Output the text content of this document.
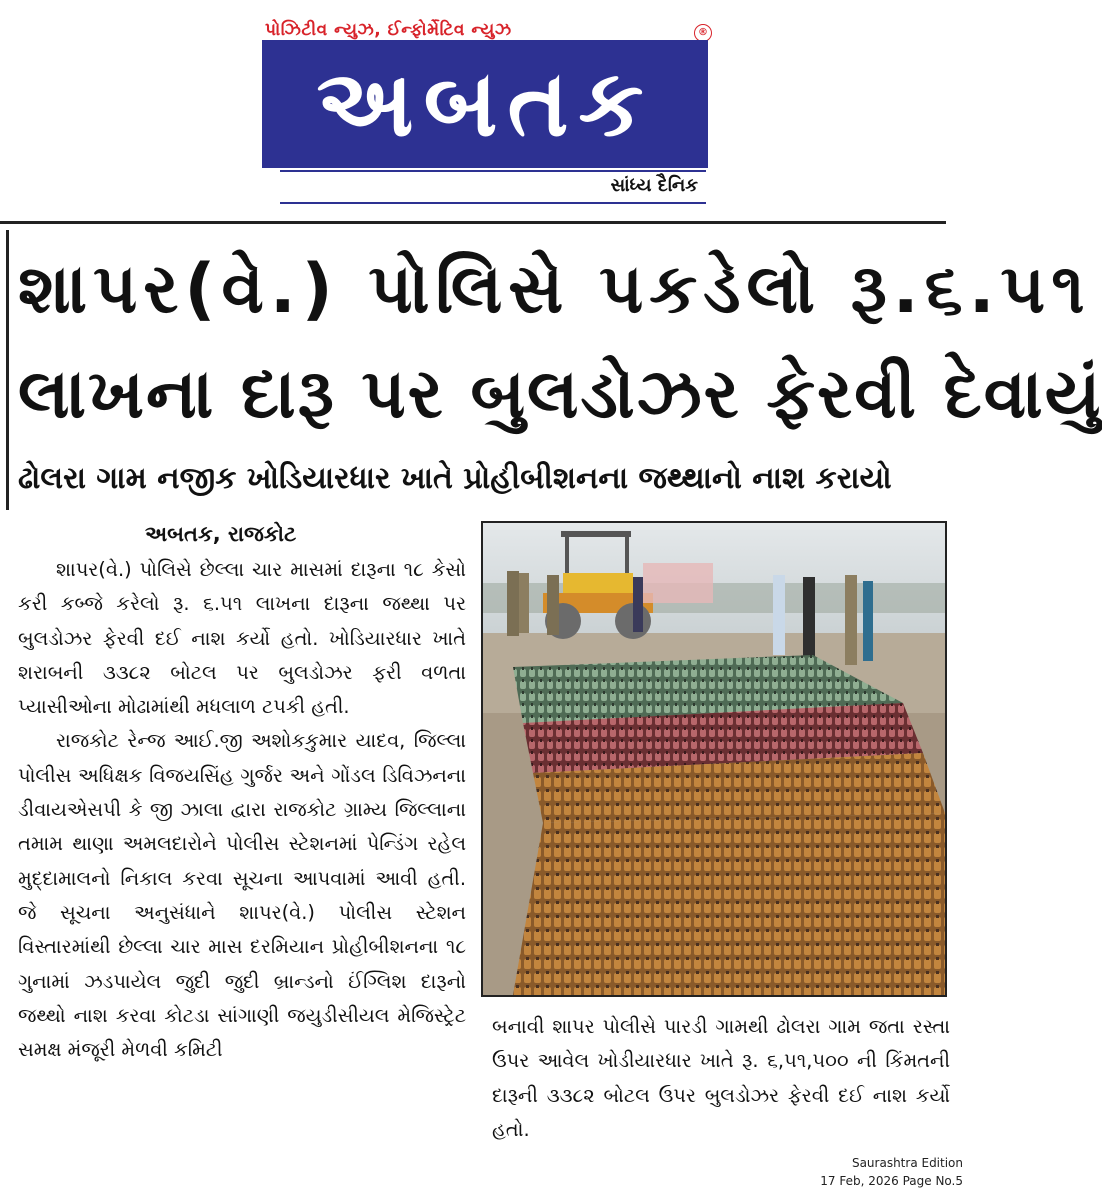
પોઝિટીવ ન્યુઝ, ઈન્ફોર્મેટિવ ન્યુઝ	®
અબતક
સાંધ્ય દૈનિક
શાપર(વે.) પોલિસે પકડેલો રૂ.૬.૫૧
લાખના દારૂ પર બુલડોઝર ફેરવી દેવાયું
ઢોલરા ગામ નજીક ખોડિયારધાર ખાતે પ્રોહીબીશનના જથ્થાનો નાશ કરાયો
અબતક, રાજકોટ

શાપર(વે.) પોલિસે છેલ્લા ચાર માસમાં દારૂના ૧૮ કેસો કરી કબ્જે કરેલો રૂ. ૬.૫૧ લાખના દારૂના જથ્થા પર બુલડોઝર ફેરવી દઈ નાશ કર્યો હતો. ખોડિયારધાર ખાતે શરાબની ૩૩૮૨ બોટલ પર બુલડોઝર ફરી વળતા પ્યાસીઓના મોઢામાંથી મધલાળ ટપકી હતી.

રાજકોટ રેન્જ આઈ.જી અશોકકુમાર યાદવ, જિલ્લા પોલીસ અધિક્ષક વિજયસિંહ ગુર્જર અને ગોંડલ ડિવિઝનના ડીવાયએસપી કે જી ઝાલા દ્વારા રાજકોટ ગ્રામ્ય જિલ્લાના તમામ થાણા અમલદારોને પોલીસ સ્ટેશનમાં પેન્ડિંગ રહેલ મુદ્દામાલનો નિકાલ કરવા સૂચના આપવામાં આવી હતી. જે સૂચના અનુસંધાને શાપર(વે.) પોલીસ સ્ટેશન વિસ્તારમાંથી છેલ્લા ચાર માસ દરમિયાન પ્રોહીબીશનના ૧૮ ગુનામાં ઝડપાયેલ જુદી જુદી બ્રાન્ડનો ઈંગ્લિશ દારૂનો જથ્થો નાશ કરવા કોટડા સાંગાણી જયુડીસીયલ મેજિસ્ટ્રેટ સમક્ષ મંજૂરી મેળવી કમિટી

બનાવી શાપર પોલીસે પારડી ગામથી ઢોલરા ગામ જતા રસ્તા ઉપર આવેલ ખોડીયારધાર ખાતે રૂ. ૬,૫૧,૫૦૦ ની કિંમતની દારૂની ૩૩૮૨ બોટલ ઉપર બુલડોઝર ફેરવી દઈ નાશ કર્યો હતો.

Saurashtra Edition
17 Feb, 2026 Page No.5
